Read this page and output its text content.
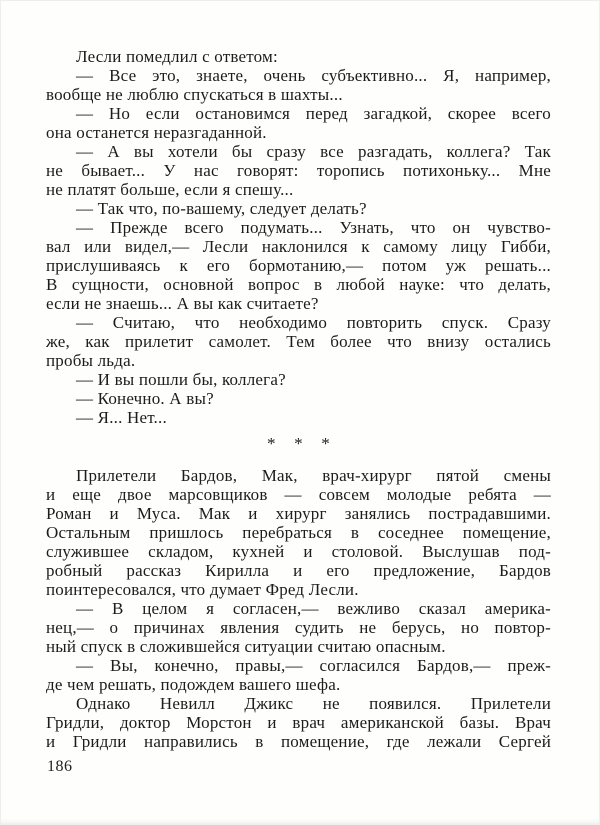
Лесли помедлил с ответом:
— Все это, знаете, очень субъективно... Я, например,
вообще не люблю спускаться в шахты...
— Но если остановимся перед загадкой, скорее всего
она останется неразгаданной.
— А вы хотели бы сразу все разгадать, коллега? Так
не бывает... У нас говорят: торопись потихоньку... Мне
не платят больше, если я спешу...
— Так что, по-вашему, следует делать?
— Прежде всего подумать... Узнать, что он чувство-
вал или видел,— Лесли наклонился к самому лицу Гибби,
прислушиваясь к его бормотанию,— потом уж решать...
В сущности, основной вопрос в любой науке: что делать,
если не знаешь... А вы как считаете?
— Считаю, что необходимо повторить спуск. Сразу
же, как прилетит самолет. Тем более что внизу остались
пробы льда.
— И вы пошли бы, коллега?
— Конечно. А вы?
— Я... Нет...
* * *
Прилетели Бардов, Мак, врач-хирург пятой смены
и еще двое марсовщиков — совсем молодые ребята —
Роман и Муса. Мак и хирург занялись пострадавшими.
Остальным пришлось перебраться в соседнее помещение,
служившее складом, кухней и столовой. Выслушав под-
робный рассказ Кирилла и его предложение, Бардов
поинтересовался, что думает Фред Лесли.
— В целом я согласен,— вежливо сказал америка-
нец,— о причинах явления судить не берусь, но повтор-
ный спуск в сложившейся ситуации считаю опасным.
— Вы, конечно, правы,— согласился Бардов,— преж-
де чем решать, подождем вашего шефа.
Однако Невилл Джикс не появился. Прилетели
Гридли, доктор Морстон и врач американской базы. Врач
и Гридли направились в помещение, где лежали Сергей
186
